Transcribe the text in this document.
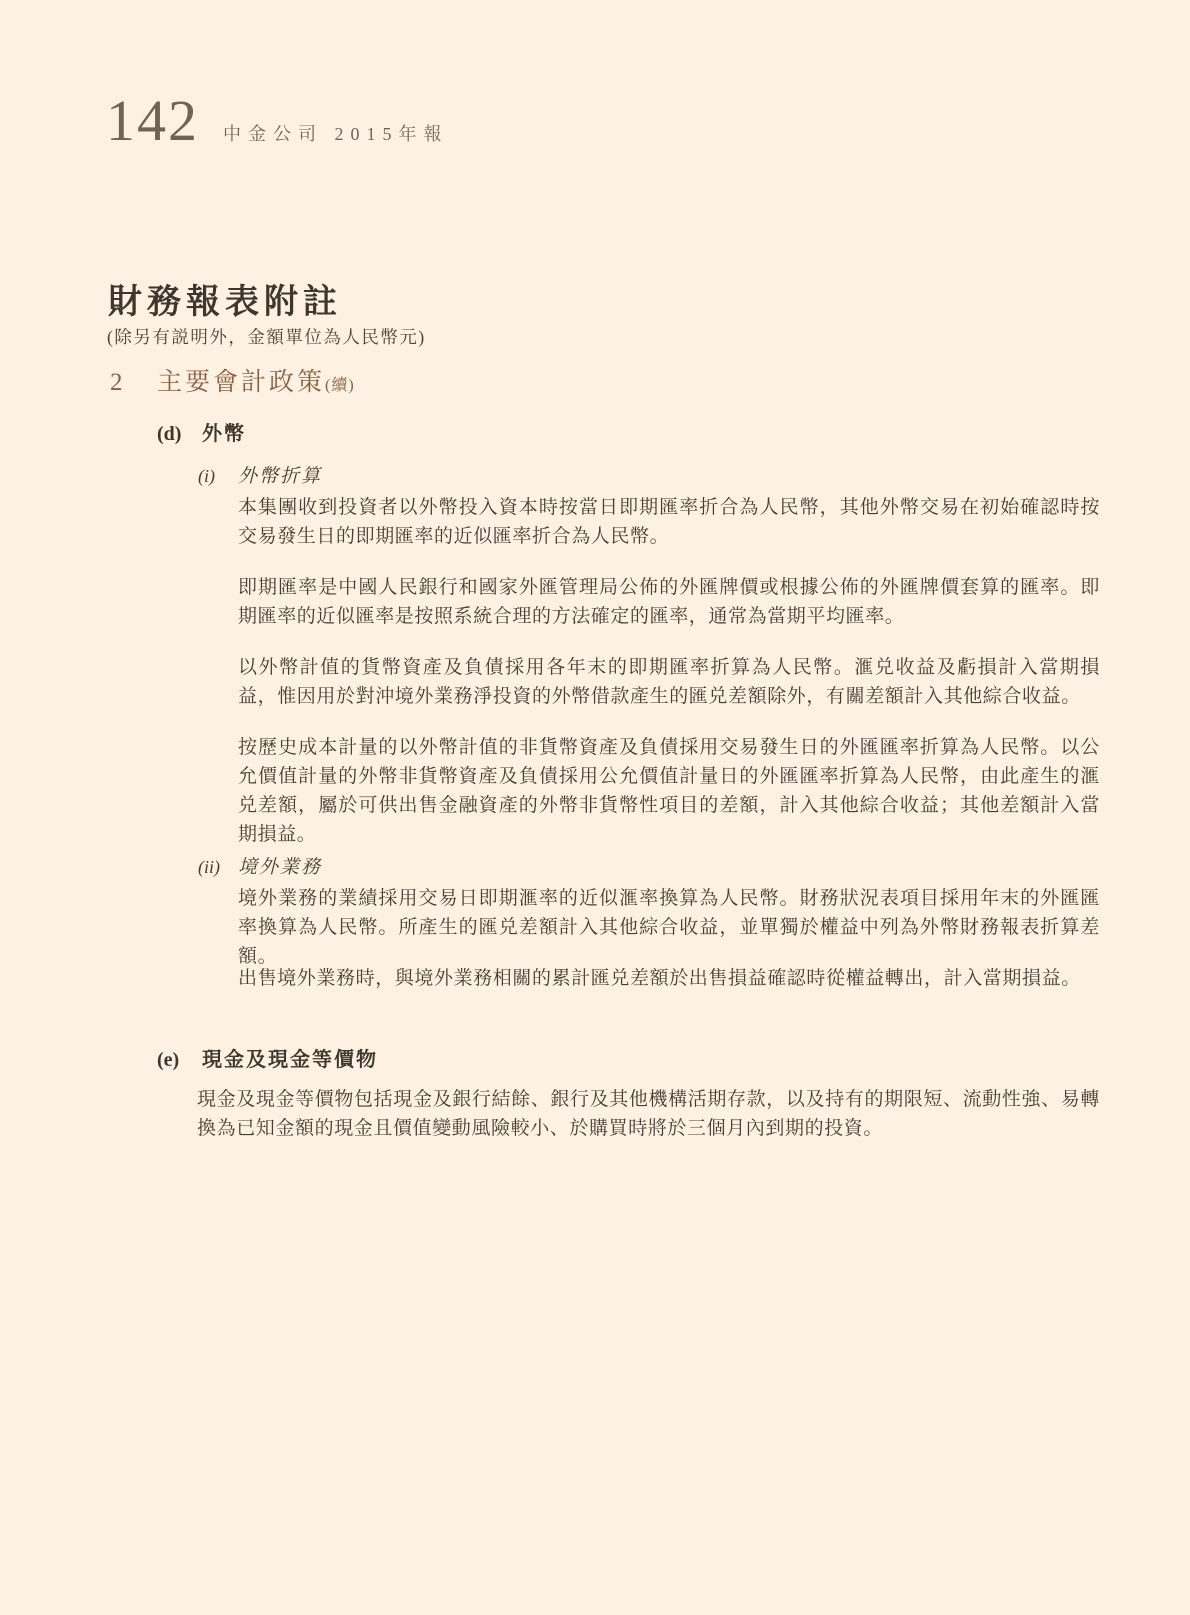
142 中金公司 2015年報
財務報表附註
(除另有説明外，金額單位為人民幣元)
2	主要會計政策(續)
(d)	外幣
(i)	外幣折算
本集團收到投資者以外幣投入資本時按當日即期匯率折合為人民幣，其他外幣交易在初始確認時按交易發生日的即期匯率的近似匯率折合為人民幣。
即期匯率是中國人民銀行和國家外匯管理局公佈的外匯牌價或根據公佈的外匯牌價套算的匯率。即期匯率的近似匯率是按照系統合理的方法確定的匯率，通常為當期平均匯率。
以外幣計值的貨幣資產及負債採用各年末的即期匯率折算為人民幣。滙兑收益及虧損計入當期損益，惟因用於對沖境外業務淨投資的外幣借款產生的匯兑差額除外，有關差額計入其他綜合收益。
按歷史成本計量的以外幣計值的非貨幣資產及負債採用交易發生日的外匯匯率折算為人民幣。以公允價值計量的外幣非貨幣資產及負債採用公允價值計量日的外匯匯率折算為人民幣，由此產生的滙兑差額，屬於可供出售金融資產的外幣非貨幣性項目的差額，計入其他綜合收益；其他差額計入當期損益。
(ii) 境外業務
境外業務的業績採用交易日即期滙率的近似滙率換算為人民幣。財務狀況表項目採用年末的外匯匯率換算為人民幣。所產生的匯兑差額計入其他綜合收益，並單獨於權益中列為外幣財務報表折算差額。
出售境外業務時，與境外業務相關的累計匯兑差額於出售損益確認時從權益轉出，計入當期損益。
(e)	現金及現金等價物
現金及現金等價物包括現金及銀行結餘、銀行及其他機構活期存款，以及持有的期限短、流動性強、易轉換為已知金額的現金且價值變動風險較小、於購買時將於三個月內到期的投資。
